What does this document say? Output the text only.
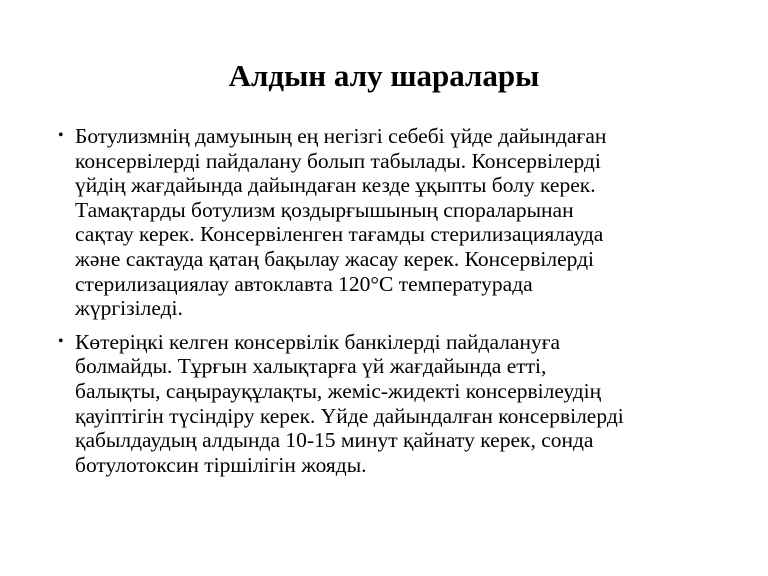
Алдын алу шаралары
• Ботулизмнің дамуының ең негізгі себебі үйде дайындаған
консервілерді пайдалану болып табылады. Консервілерді
үйдің жағдайында дайындаған кезде ұқыпты болу керек.
Тамақтарды ботулизм қоздырғышының спораларынан
сақтау керек. Консервіленген тағамды стерилизациялауда
және сактауда қатаң бақылау жасау керек. Консервілерді
стерилизациялау автоклавта 120°С температурада
жүргізіледі.
• Көтеріңкі келген консервілік банкілерді пайдалануға
болмайды. Тұрғын халықтарға үй жағдайында етті,
балықты, саңырауқұлақты, жеміс-жидекті консервілеудің
қауіптігін түсіндіру керек. Үйде дайындалған консервілерді
қабылдаудың алдында 10-15 минут қайнату керек, сонда
ботулотоксин тіршілігін жояды.
